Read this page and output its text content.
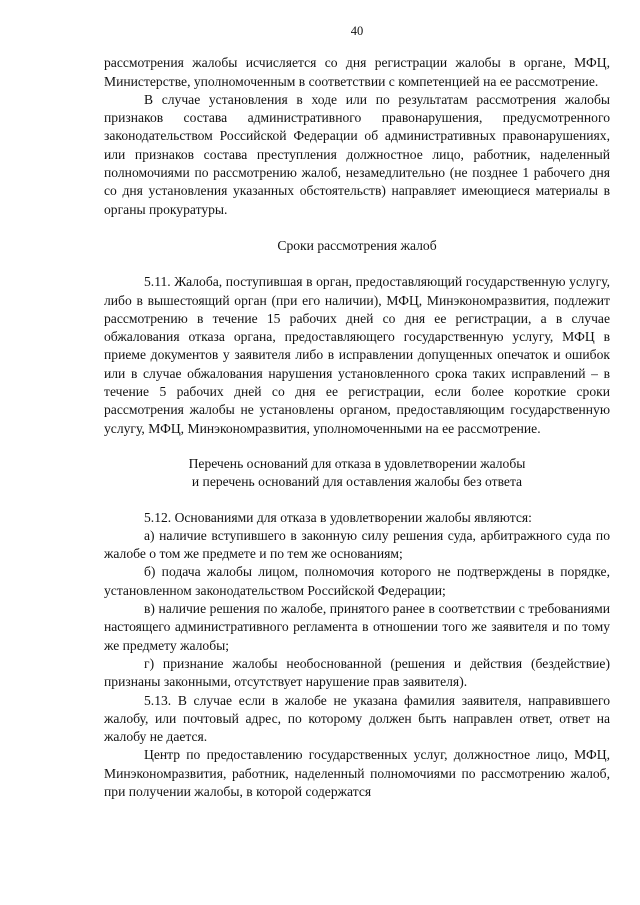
40

рассмотрения жалобы исчисляется со дня регистрации жалобы в органе, МФЦ, Министерстве, уполномоченным в соответствии с компетенцией на ее рассмотрение.

В случае установления в ходе или по результатам рассмотрения жалобы признаков состава административного правонарушения, предусмотренного законодательством Российской Федерации об административных правонарушениях, или признаков состава преступления должностное лицо, работник, наделенный полномочиями по рассмотрению жалоб, незамедлительно (не позднее 1 рабочего дня со дня установления указанных обстоятельств) направляет имеющиеся материалы в органы прокуратуры.

Сроки рассмотрения жалоб

5.11. Жалоба, поступившая в орган, предоставляющий государственную услугу, либо в вышестоящий орган (при его наличии), МФЦ, Минэкономразвития, подлежит рассмотрению в течение 15 рабочих дней со дня ее регистрации, а в случае обжалования отказа органа, предоставляющего государственную услугу, МФЦ в приеме документов у заявителя либо в исправлении допущенных опечаток и ошибок или в случае обжалования нарушения установленного срока таких исправлений – в течение 5 рабочих дней со дня ее регистрации, если более короткие сроки рассмотрения жалобы не установлены органом, предоставляющим государственную услугу, МФЦ, Минэкономразвития, уполномоченными на ее рассмотрение.

Перечень оснований для отказа в удовлетворении жалобы

и перечень оснований для оставления жалобы без ответа

5.12. Основаниями для отказа в удовлетворении жалобы являются:

а) наличие вступившего в законную силу решения суда, арбитражного суда по жалобе о том же предмете и по тем же основаниям;

б) подача жалобы лицом, полномочия которого не подтверждены в порядке, установленном законодательством Российской Федерации;

в) наличие решения по жалобе, принятого ранее в соответствии с требованиями настоящего административного регламента в отношении того же заявителя и по тому же предмету жалобы;

г) признание жалобы необоснованной (решения и действия (бездействие) признаны законными, отсутствует нарушение прав заявителя).

5.13. В случае если в жалобе не указана фамилия заявителя, направившего жалобу, или почтовый адрес, по которому должен быть направлен ответ, ответ на жалобу не дается.

Центр по предоставлению государственных услуг, должностное лицо, МФЦ, Минэкономразвития, работник, наделенный полномочиями по рассмотрению жалоб, при получении жалобы, в которой содержатся
